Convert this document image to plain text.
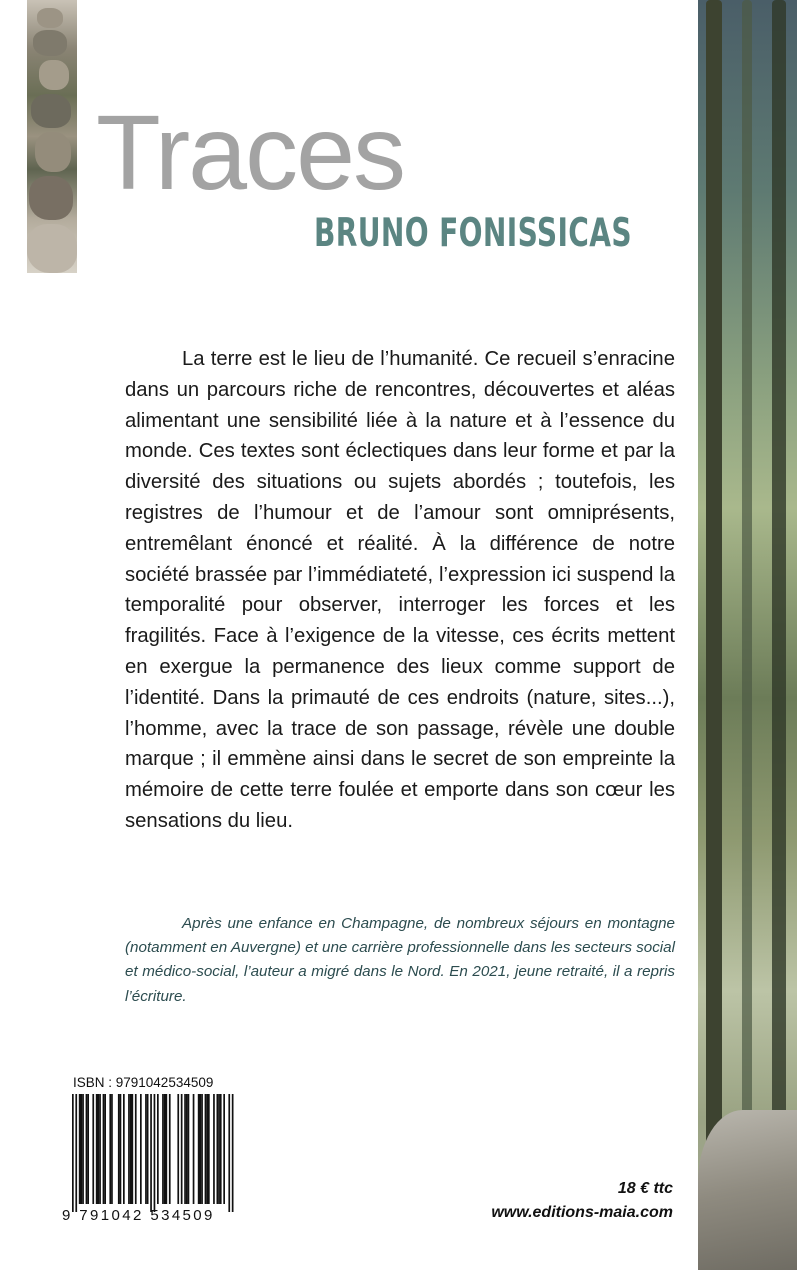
Traces
BRUNO FONISSICAS

La terre est le lieu de l’humanité. Ce recueil s’enracine dans un parcours riche de rencontres, découvertes et aléas alimentant une sensibilité liée à la nature et à l’essence du monde. Ces textes sont éclectiques dans leur forme et par la diversité des situations ou sujets abordés ; toutefois, les registres de l’humour et de l’amour sont omniprésents, entremêlant énoncé et réalité. À la différence de notre société brassée par l’immédiateté, l’expression ici suspend la temporalité pour observer, interroger les forces et les fragilités. Face à l’exigence de la vitesse, ces écrits mettent en exergue la permanence des lieux comme support de l’identité. Dans la primauté de ces endroits (nature, sites...), l’homme, avec la trace de son passage, révèle une double marque ; il emmène ainsi dans le secret de son empreinte la mémoire de cette terre foulée et emporte dans son cœur les sensations du lieu.

Après une enfance en Champagne, de nombreux séjours en montagne (notamment en Auvergne) et une carrière professionnelle dans les secteurs social et médico-social, l’auteur a migré dans le Nord. En 2021, jeune retraité, il a repris l’écriture.

ISBN : 9791042534509
9 791042 534509
18 € ttc
www.editions-maia.com
